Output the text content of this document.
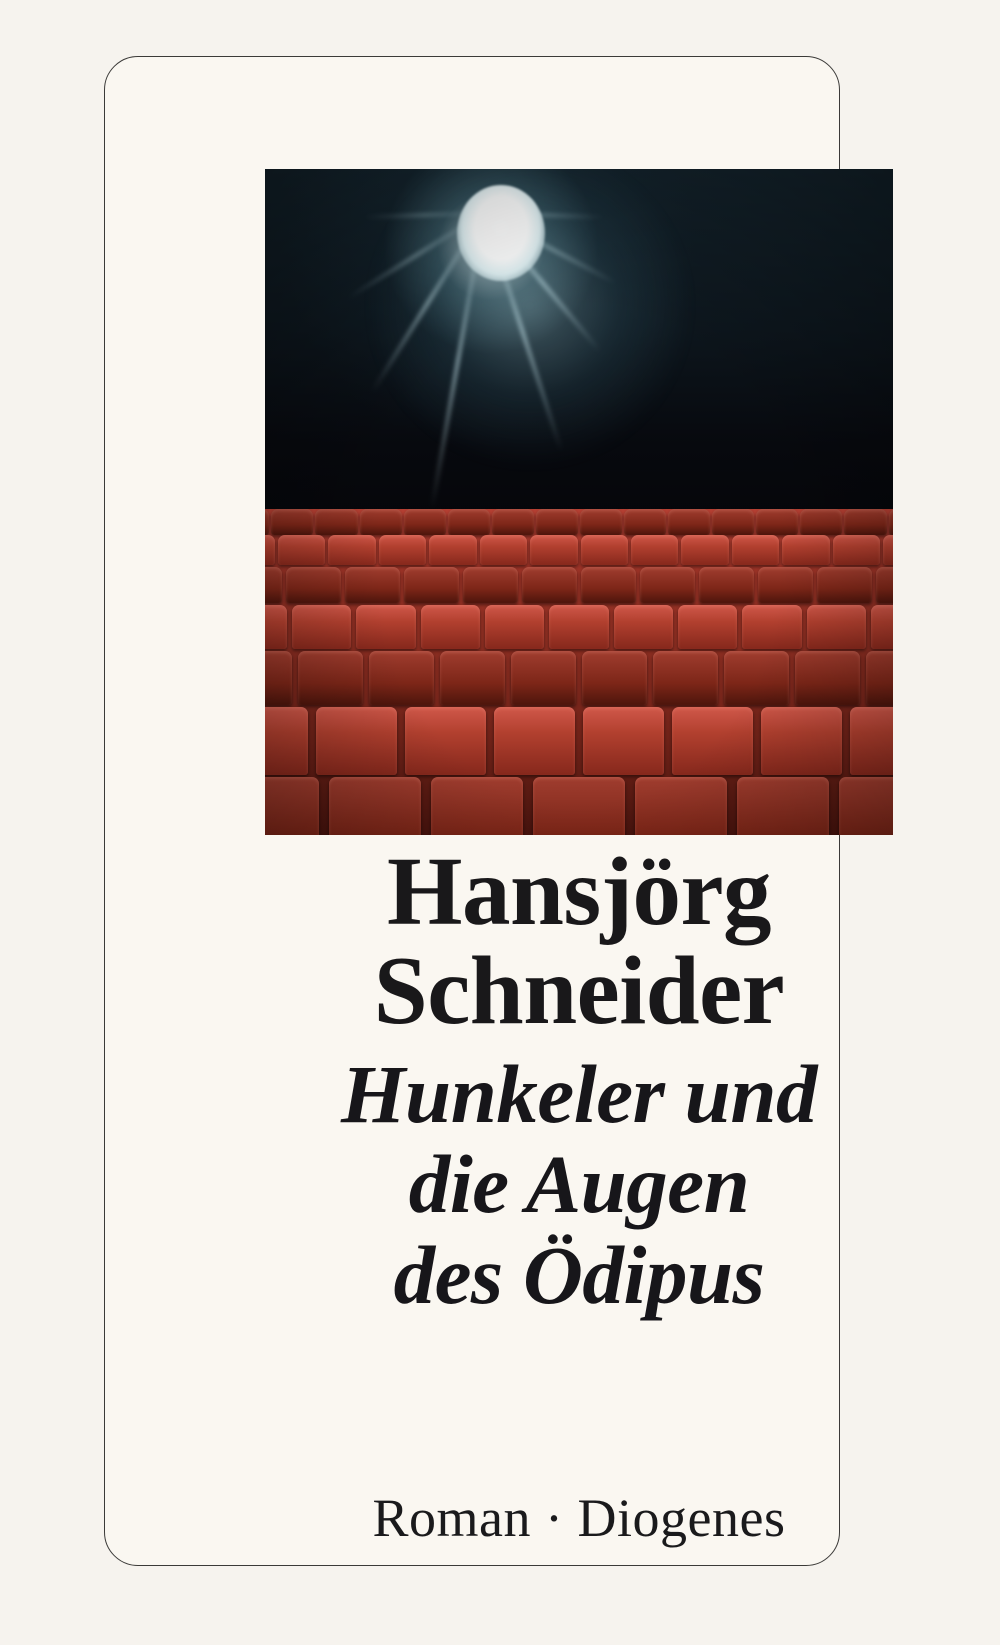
Hansjörg
Schneider
Hunkeler und
die Augen
des Ödipus
Roman · Diogenes
